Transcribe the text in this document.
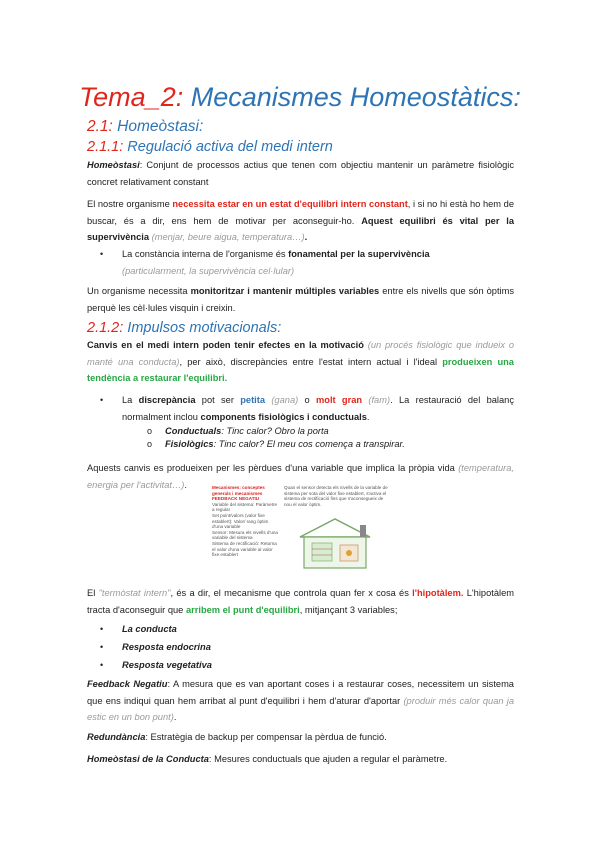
Tema_2: Mecanismes Homeostàtics:
2.1: Homeòstasi:
2.1.1: Regulació activa del medi intern
Homeòstasi: Conjunt de processos actius que tenen com objectiu mantenir un paràmetre fisiològic concret relativament constant
El nostre organisme necessita estar en un estat d'equilibri intern constant, i si no hi està ho hem de buscar, és a dir, ens hem de motivar per aconseguir-ho. Aquest equilibri és vital per la supervivència (menjar, beure aigua, temperatura…).
• La constància interna de l'organisme és fonamental per la supervivència
(particularment, la supervivència cel·lular)
Un organisme necessita monitoritzar i mantenir múltiples variables entre els nivells que són òptims perquè les cèl·lules visquin i creixin.
2.1.2: Impulsos motivacionals:
Canvis en el medi intern poden tenir efectes en la motivació (un procés fisiològic que indueix o manté una conducta), per això, discrepàncies entre l'estat intern actual i l'ideal produeixen una tendència a restaurar l'equilibri.
• La discrepància pot ser petita (gana) o molt gran (fam). La restauració del balanç normalment inclou components fisiològics i conductuals.
o Conductuals: Tinc calor? Obro la porta
o Fisiològics: Tinc calor? El meu cos comença a transpirar.
Aquests canvis es produeixen per les pèrdues d'una variable que implica la pròpia vida (temperatura, energia per l'activitat…).	Mecanismes: conceptes generals i mecanismes FEEDBACK NEGATIU
Variable del sistema: Paràmetre a regular
Set point/valors (valor fixe establert): Valor/ rang òptim d'una variable
Sensor: Mesura els nivells d'una variable del sistema
Sistema de rectificació: Retorna el valor d'una variable al valor fixe establert
Quan el sensor detecta els nivells de la variable de sistema per sota del valor fixe establert, s'activa el sistema de rectificació fins que s'aconsegueix de nou el valor òptim.
El "termòstat intern", és a dir, el mecanisme que controla quan fer x cosa és l'hipotàlem. L'hipotàlem tracta d'aconseguir que arribem el punt d'equilibri, mitjançant 3 variables;
• La conducta
• Resposta endocrina
• Resposta vegetativa
Feedback Negatiu: A mesura que es van aportant coses i a restaurar coses, necessitem un sistema que ens indiqui quan hem arribat al punt d'equilibri i hem d'aturar d'aportar (produir més calor quan ja estic en un bon punt).
Redundància: Estratègia de backup per compensar la pèrdua de funció.
Homeòstasi de la Conducta: Mesures conductuals que ajuden a regular el paràmetre.
